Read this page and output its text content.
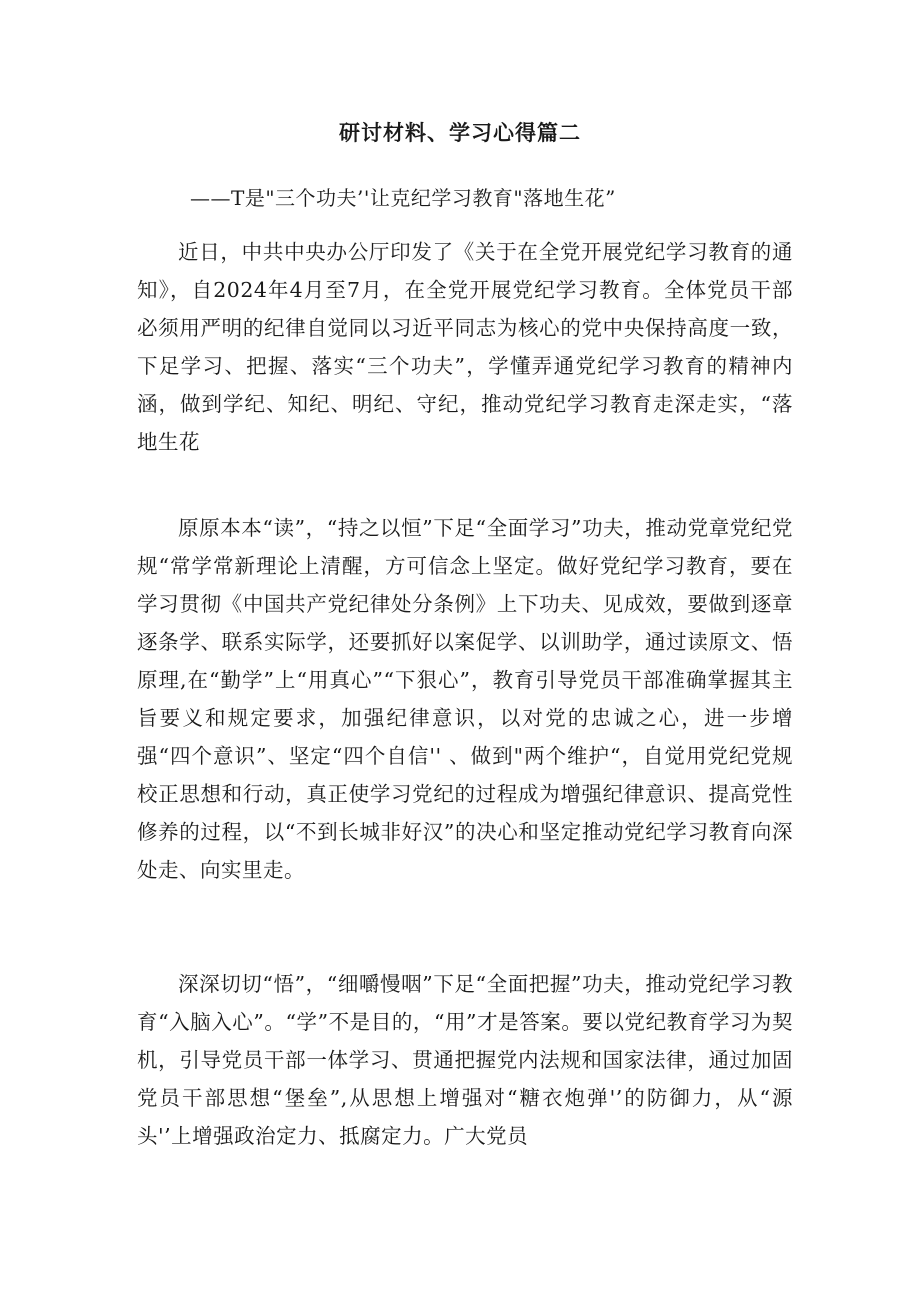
研讨材料、学习心得篇二
——T是"三个功夫’'让克纪学习教育"落地生花”

近日，中共中央办公厅印发了《关于在全党开展党纪学习教育的通知》，自2024年4月至7月，在全党开展党纪学习教育。全体党员干部必须用严明的纪律自觉同以习近平同志为核心的党中央保持高度一致，下足学习、把握、落实“三个功夫”，学懂弄通党纪学习教育的精神内涵，做到学纪、知纪、明纪、守纪，推动党纪学习教育走深走实，“落地生花

原原本本“读”，“持之以恒”下足“全面学习”功夫，推动党章党纪党规“常学常新理论上清醒，方可信念上坚定。做好党纪学习教育，要在学习贯彻《中国共产党纪律处分条例》上下功夫、见成效，要做到逐章逐条学、联系实际学，还要抓好以案促学、以训助学，通过读原文、悟原理,在“勤学”上“用真心”“下狠心”，教育引导党员干部准确掌握其主旨要义和规定要求，加强纪律意识，以对党的忠诚之心，进一步增强“四个意识”、坚定“四个自信'' 、做到"两个维护“，自觉用党纪党规校正思想和行动，真正使学习党纪的过程成为增强纪律意识、提高党性修养的过程，以“不到长城非好汉”的决心和坚定推动党纪学习教育向深处走、向实里走。

深深切切“悟”，“细嚼慢咽”下足“全面把握”功夫，推动党纪学习教育“入脑入心”。“学”不是目的，“用”才是答案。要以党纪教育学习为契机，引导党员干部一体学习、贯通把握党内法规和国家法律，通过加固党员干部思想“堡垒”,从思想上增强对“糖衣炮弹'’的防御力，从“源头'’上增强政治定力、抵腐定力。广大党员
